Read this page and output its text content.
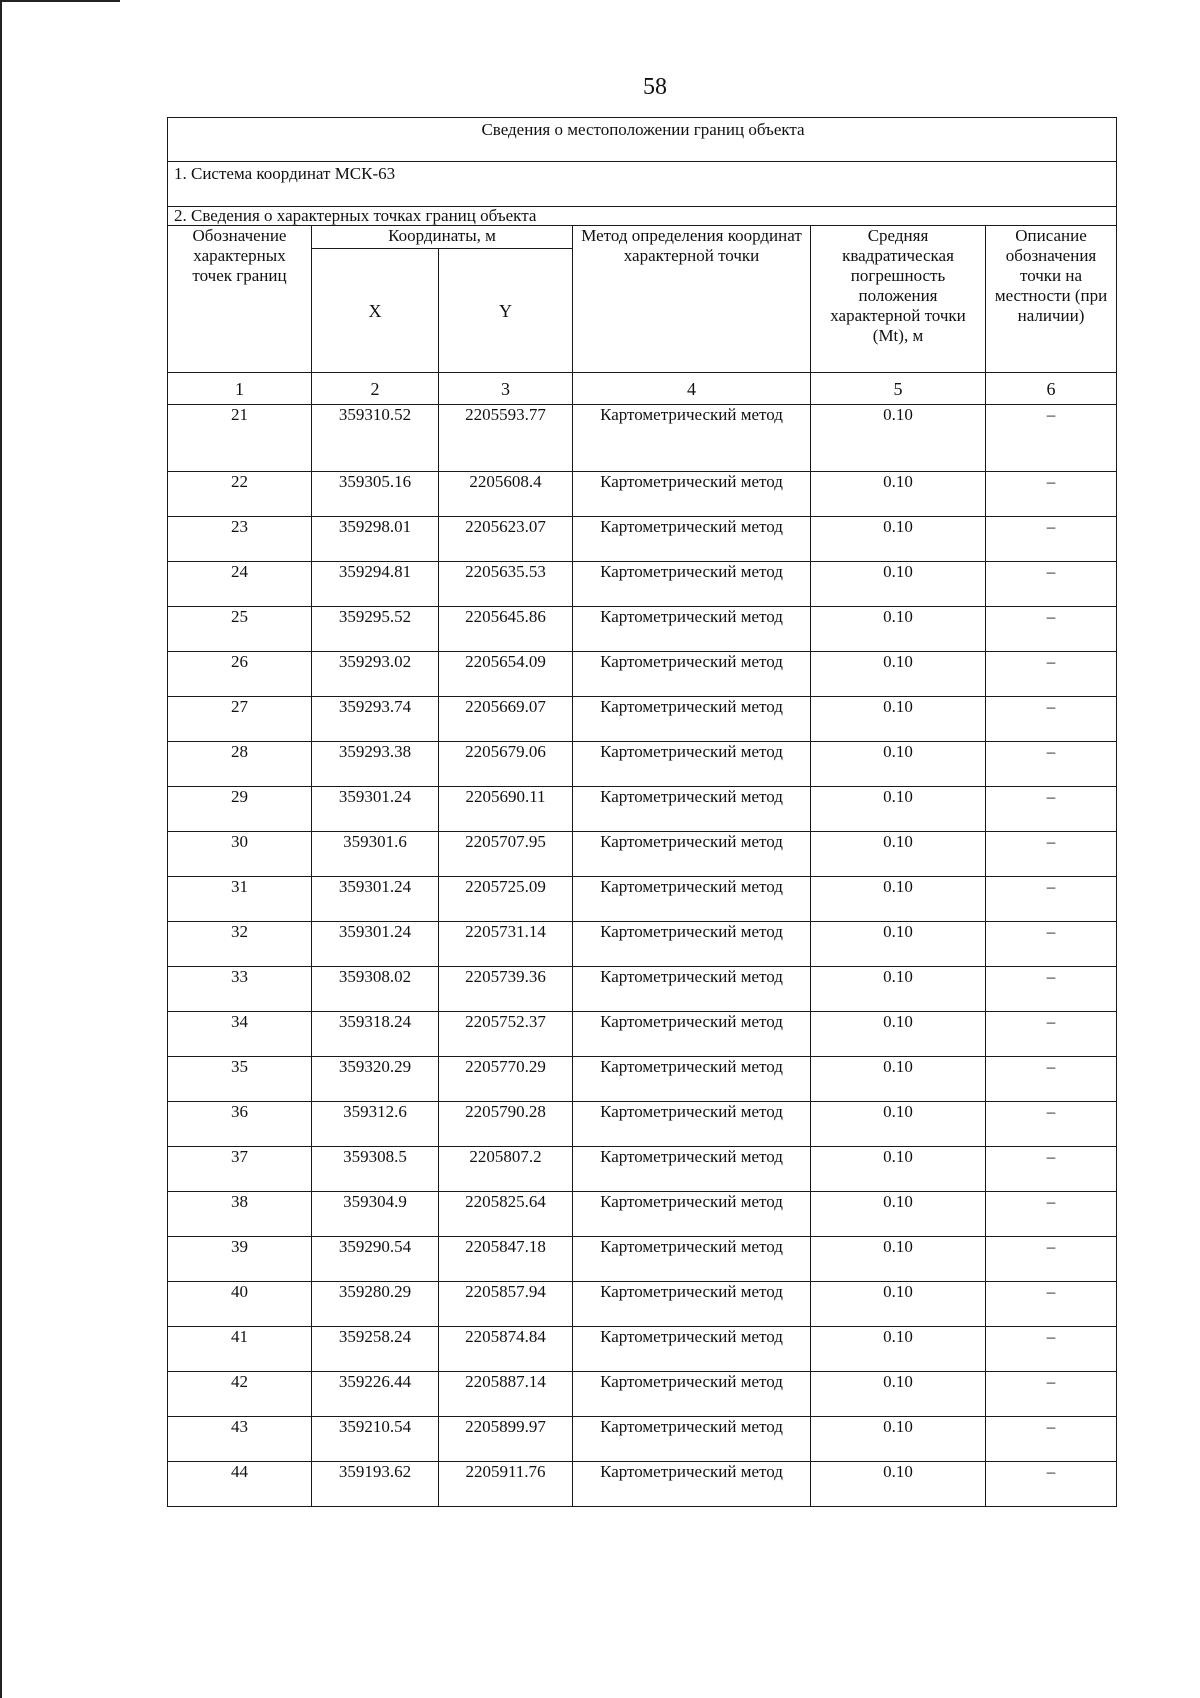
58
Сведения о местоположении границ объекта					
1. Система координат МСК-63					
2. Сведения о характерных точках границ объекта					
Обозначение характерных точек границ	Координаты, м		Метод определения координат характерной точки	Средняя квадратическая погрешность положения характерной точки (Mt), м	Описание обозначения точки на местности (при наличии)
	X	Y			
1	2	3	4	5	6
21	359310.52	2205593.77	Картометрический метод	0.10	–
22	359305.16	2205608.4	Картометрический метод	0.10	–
23	359298.01	2205623.07	Картометрический метод	0.10	–
24	359294.81	2205635.53	Картометрический метод	0.10	–
25	359295.52	2205645.86	Картометрический метод	0.10	–
26	359293.02	2205654.09	Картометрический метод	0.10	–
27	359293.74	2205669.07	Картометрический метод	0.10	–
28	359293.38	2205679.06	Картометрический метод	0.10	–
29	359301.24	2205690.11	Картометрический метод	0.10	–
30	359301.6	2205707.95	Картометрический метод	0.10	–
31	359301.24	2205725.09	Картометрический метод	0.10	–
32	359301.24	2205731.14	Картометрический метод	0.10	–
33	359308.02	2205739.36	Картометрический метод	0.10	–
34	359318.24	2205752.37	Картометрический метод	0.10	–
35	359320.29	2205770.29	Картометрический метод	0.10	–
36	359312.6	2205790.28	Картометрический метод	0.10	–
37	359308.5	2205807.2	Картометрический метод	0.10	–
38	359304.9	2205825.64	Картометрический метод	0.10	–
39	359290.54	2205847.18	Картометрический метод	0.10	–
40	359280.29	2205857.94	Картометрический метод	0.10	–
41	359258.24	2205874.84	Картометрический метод	0.10	–
42	359226.44	2205887.14	Картометрический метод	0.10	–
43	359210.54	2205899.97	Картометрический метод	0.10	–
44	359193.62	2205911.76	Картометрический метод	0.10	–
